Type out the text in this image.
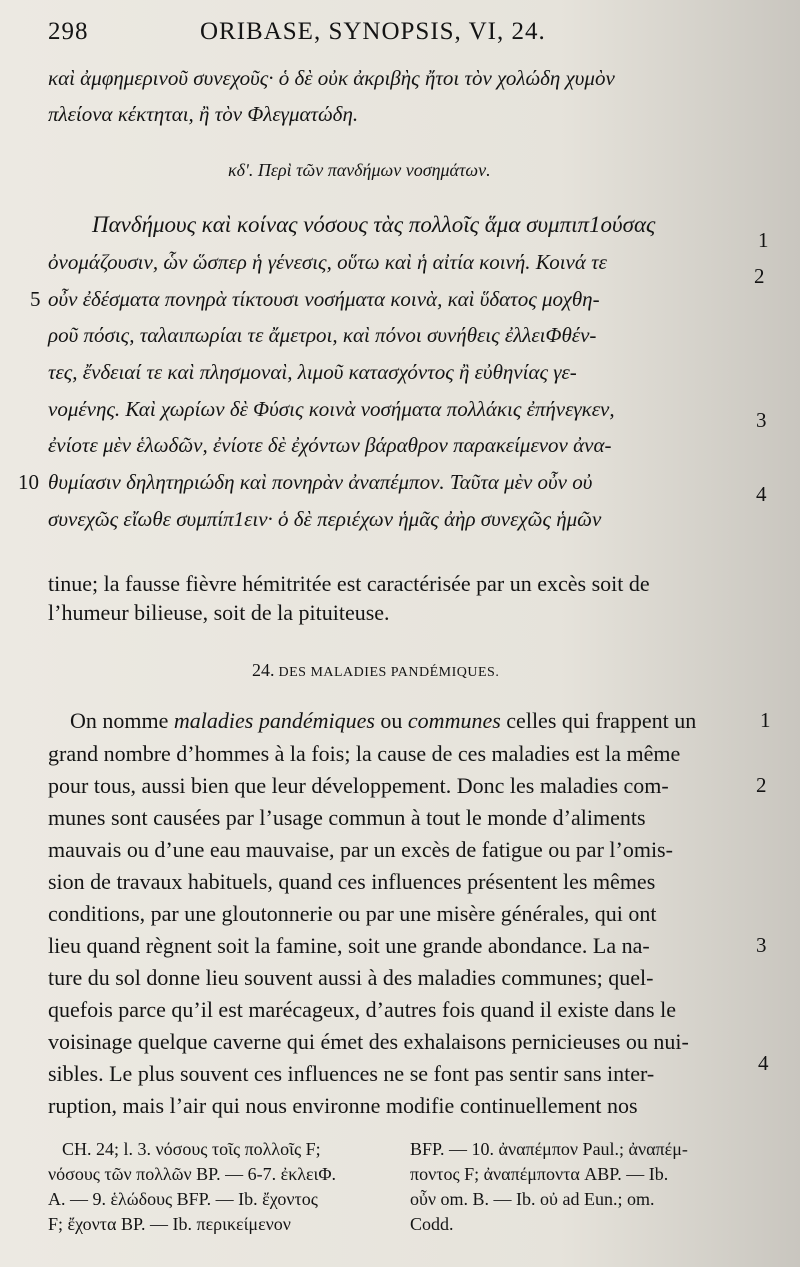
298	ORIBASE, SYNOPSIS, VI, 24.
καὶ ἀμφημερινοῦ συνεχοῦς· ὁ δὲ οὐκ ἀκριβὴς ἤτοι τὸν χολώδη χυμὸν
πλείονα κέκτηται, ἢ τὸν Φλεγματώδη.
κδʹ. Περὶ τῶν πανδήμων νοσημάτων.
Πανδήμους καὶ κοίνας νόσους τὰς πολλοῖς ἅμα συμπιπ1ούσας
ὀνομάζουσιν, ὧν ὥσπερ ἡ γένεσις, οὕτω καὶ ἡ αἰτία κοινή. Κοινά τε
οὖν ἐδέσματα πονηρὰ τίκτουσι νοσήματα κοινὰ, καὶ ὕδατος μοχθη-
ροῦ πόσις, ταλαιπωρίαι τε ἄμετροι, καὶ πόνοι συνήθεις ἐλλειΦθέν-
τες, ἔνδειαί τε καὶ πλησμοναὶ, λιμοῦ κατασχόντος ἢ εὐθηνίας γε-
νομένης. Καὶ χωρίων δὲ Φύσις κοινὰ νοσήματα πολλάκις ἐπήνεγκεν,
ἐνίοτε μὲν ἑλωδῶν, ἐνίοτε δὲ ἐχόντων βάραθρον παρακείμενον ἀνα-
θυμίασιν δηλητηριώδη καὶ πονηρὰν ἀναπέμπον. Ταῦτα μὲν οὖν οὐ
συνεχῶς εἴωθε συμπίπ1ειν· ὁ δὲ περιέχων ἡμᾶς ἀὴρ συνεχῶς ἡμῶν
5
10
1
2
3
4
tinue; la fausse fièvre hémitritée est caractérisée par un excès soit de
l’humeur bilieuse, soit de la pituiteuse.
24. DES MALADIES PANDÉMIQUES.
On nomme maladies pandémiques ou communes celles qui frappent un
grand nombre d’hommes à la fois; la cause de ces maladies est la même
pour tous, aussi bien que leur développement. Donc les maladies com-
munes sont causées par l’usage commun à tout le monde d’aliments
mauvais ou d’une eau mauvaise, par un excès de fatigue ou par l’omis-
sion de travaux habituels, quand ces influences présentent les mêmes
conditions, par une gloutonnerie ou par une misère générales, qui ont
lieu quand règnent soit la famine, soit une grande abondance. La na-
ture du sol donne lieu souvent aussi à des maladies communes; quel-
quefois parce qu’il est marécageux, d’autres fois quand il existe dans le
voisinage quelque caverne qui émet des exhalaisons pernicieuses ou nui-
sibles. Le plus souvent ces influences ne se font pas sentir sans inter-
ruption, mais l’air qui nous environne modifie continuellement nos
1
2
3
4
CH. 24; l. 3. νόσους τοῖς πολλοῖς F;
νόσους τῶν πολλῶν BP. — 6-7. ἐκλειΦ.
A. — 9. ἑλώδους BFP. — Ib. ἔχοντος
F; ἔχοντα BP. — Ib. περικείμενον
BFP. — 10. ἀναπέμπον Paul.; ἀναπέμ-
ποντος F; ἀναπέμποντα ABP. — Ib.
οὖν om. B. — Ib. οὐ ad Eun.; om.
Codd.
